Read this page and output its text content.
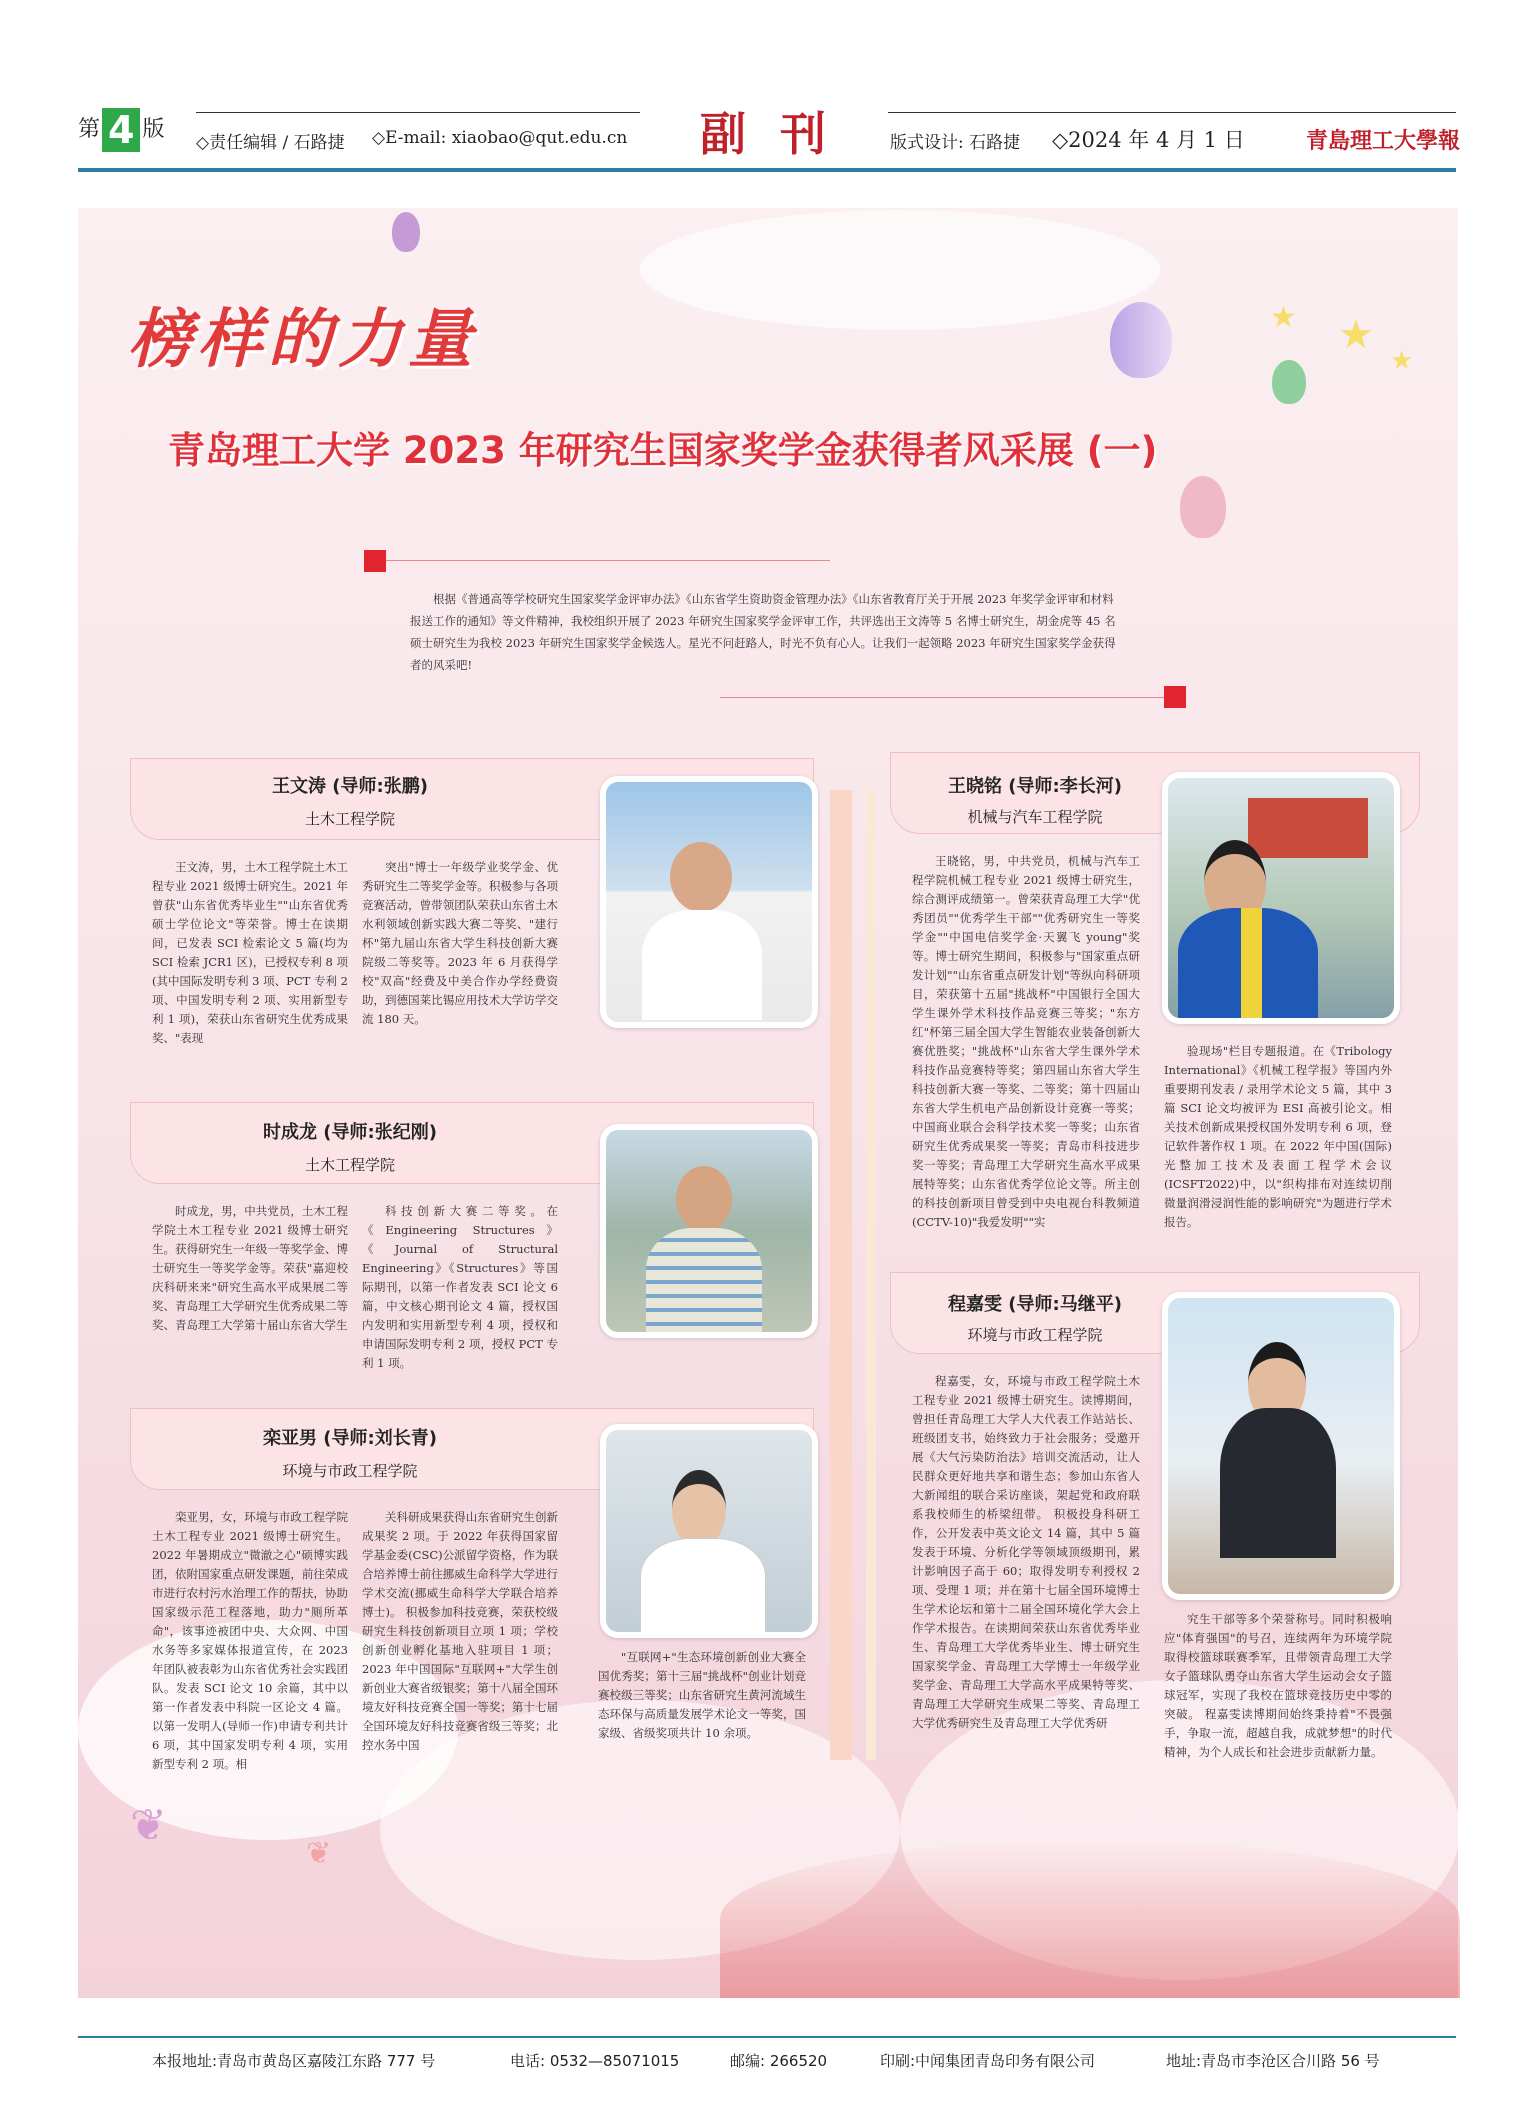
第 4 版
◇责任编辑 / 石路捷 ◇E-mail: xiaobao@qut.edu.cn 副刊 版式设计: 石路捷 ◇2024 年 4 月 1 日	青島理工大學報
★ ★
★
❦
❦
榜样的力量
青岛理工大学 2023 年研究生国家奖学金获得者风采展 (一)
根据《普通高等学校研究生国家奖学金评审办法》《山东省学生资助资金管理办法》《山东省教育厅关于开展 2023 年奖学金评审和材料报送工作的通知》等文件精神，我校组织开展了 2023 年研究生国家奖学金评审工作，共评选出王文涛等 5 名博士研究生，胡金虎等 45 名硕士研究生为我校 2023 年研究生国家奖学金候选人。星光不问赶路人，时光不负有心人。让我们一起领略 2023 年研究生国家奖学金获得者的风采吧!
王文涛 (导师:张鹏)
土木工程学院
王文涛，男，土木工程学院土木工程专业 2021 级博士研究生。2021 年曾获"山东省优秀毕业生""山东省优秀硕士学位论文"等荣誉。博士在读期间，已发表 SCI 检索论文 5 篇(均为 SCI 检索 JCR1 区)，已授权专利 8 项(其中国际发明专利 3 项、PCT 专利 2 项、中国发明专利 2 项、实用新型专利 1 项)，荣获山东省研究生优秀成果奖、"表现
突出"博士一年级学业奖学金、优秀研究生二等奖学金等。积极参与各项竞赛活动，曾带领团队荣获山东省土木水利领域创新实践大赛二等奖、"建行杯"第九届山东省大学生科技创新大赛院级二等奖等。2023 年 6 月获得学校"双高"经费及中美合作办学经费资助，到德国莱比锡应用技术大学访学交流 180 天。
时成龙 (导师:张纪刚)
土木工程学院
时成龙，男，中共党员，土木工程学院土木工程专业 2021 级博士研究生。获得研究生一年级一等奖学金、博士研究生一等奖学金等。荣获"嘉迎校庆科研来来"研究生高水平成果展二等奖、青岛理工大学研究生优秀成果二等奖、青岛理工大学第十届山东省大学生
科技创新大赛二等奖。在《Engineering Structures》《Journal of Structural Engineering》《Structures》等国际期刊，以第一作者发表 SCI 论文 6 篇，中文核心期刊论文 4 篇，授权国内发明和实用新型专利 4 项，授权和申请国际发明专利 2 项，授权 PCT 专利 1 项。
栾亚男 (导师:刘长青)
环境与市政工程学院
栾亚男，女，环境与市政工程学院土木工程专业 2021 级博士研究生。2022 年暑期成立"微澈之心"硕博实践团，依附国家重点研发课题，前往荣成市进行农村污水治理工作的帮扶，协助国家级示范工程落地，助力"厕所革命"，该事迹被团中央、大众网、中国水务等多家媒体报道宣传，在 2023 年团队被表彰为山东省优秀社会实践团队。发表 SCI 论文 10 余篇，其中以第一作者发表中科院一区论文 4 篇。以第一发明人(导师一作)申请专利共计 6 项，其中国家发明专利 4 项，实用新型专利 2 项。相
关科研成果获得山东省研究生创新成果奖 2 项。于 2022 年获得国家留学基金委(CSC)公派留学资格，作为联合培养博士前往挪威生命科学大学进行学术交流(挪威生命科学大学联合培养博士)。 积极参加科技竞赛，荣获校级研究生科技创新项目立项 1 项；学校创新创业孵化基地入驻项目 1 项；2023 年中国国际"互联网+"大学生创新创业大赛省级银奖；第十八届全国环境友好科技竞赛全国一等奖；第十七届全国环境友好科技竞赛省级三等奖；北控水务中国
"互联网+"生态环境创新创业大赛全国优秀奖；第十三届"挑战杯"创业计划竞赛校级三等奖；山东省研究生黄河流域生态环保与高质量发展学术论文一等奖，国家级、省级奖项共计 10 余项。
王晓铭 (导师:李长河)
机械与汽车工程学院
王晓铭，男，中共党员，机械与汽车工程学院机械工程专业 2021 级博士研究生，综合测评成绩第一。曾荣获青岛理工大学"优秀团员""优秀学生干部""优秀研究生一等奖学金""中国电信奖学金·天翼飞 young"奖等。博士研究生期间，积极参与"国家重点研发计划""山东省重点研发计划"等纵向科研项目，荣获第十五届"挑战杯"中国银行全国大学生课外学术科技作品竞赛三等奖；"东方红"杯第三届全国大学生智能农业装备创新大赛优胜奖；"挑战杯"山东省大学生课外学术科技作品竞赛特等奖；第四届山东省大学生科技创新大赛一等奖、二等奖；第十四届山东省大学生机电产品创新设计竞赛一等奖；中国商业联合会科学技术奖一等奖；山东省研究生优秀成果奖一等奖；青岛市科技进步奖一等奖；青岛理工大学研究生高水平成果展特等奖；山东省优秀学位论文等。所主创的科技创新项目曾受到中央电视台科教频道(CCTV-10)"我爱发明""实
验现场"栏目专题报道。在《Tribology International》《机械工程学报》等国内外重要期刊发表 / 录用学术论文 5 篇，其中 3 篇 SCI 论文均被评为 ESI 高被引论文。相关技术创新成果授权国外发明专利 6 项，登记软件著作权 1 项。在 2022 年中国(国际)光整加工技术及表面工程学术会议(ICSFT2022)中，以"织构排布对连续切削微量润滑浸润性能的影响研究"为题进行学术报告。
程嘉雯 (导师:马继平)
环境与市政工程学院
程嘉雯，女，环境与市政工程学院土木工程专业 2021 级博士研究生。读博期间，曾担任青岛理工大学人大代表工作站站长、班级团支书，始终致力于社会服务；受邀开展《大气污染防治法》培训交流活动，让人民群众更好地共享和谐生态；参加山东省人大新闻组的联合采访座谈，架起党和政府联系我校师生的桥梁纽带。 积极投身科研工作，公开发表中英文论文 14 篇，其中 5 篇发表于环境、分析化学等领域顶级期刊，累计影响因子高于 60；取得发明专利授权 2 项、受理 1 项；并在第十七届全国环境博士生学术论坛和第十二届全国环境化学大会上作学术报告。在读期间荣获山东省优秀毕业生、青岛理工大学优秀毕业生、博士研究生国家奖学金、青岛理工大学博士一年级学业奖学金、青岛理工大学高水平成果特等奖、青岛理工大学研究生成果二等奖、青岛理工大学优秀研究生及青岛理工大学优秀研
究生干部等多个荣誉称号。同时积极响应"体育强国"的号召，连续两年为环境学院取得校篮球联赛季军，且带领青岛理工大学女子篮球队勇夺山东省大学生运动会女子篮球冠军，实现了我校在篮球竞技历史中零的突破。 程嘉雯读博期间始终秉持着"不畏强手，争取一流，超越自我，成就梦想"的时代精神，为个人成长和社会进步贡献新力量。
本报地址:青岛市黄岛区嘉陵江东路 777 号	电话: 0532—85071015	邮编: 266520	印刷:中闻集团青岛印务有限公司	地址:青岛市李沧区合川路 56 号
